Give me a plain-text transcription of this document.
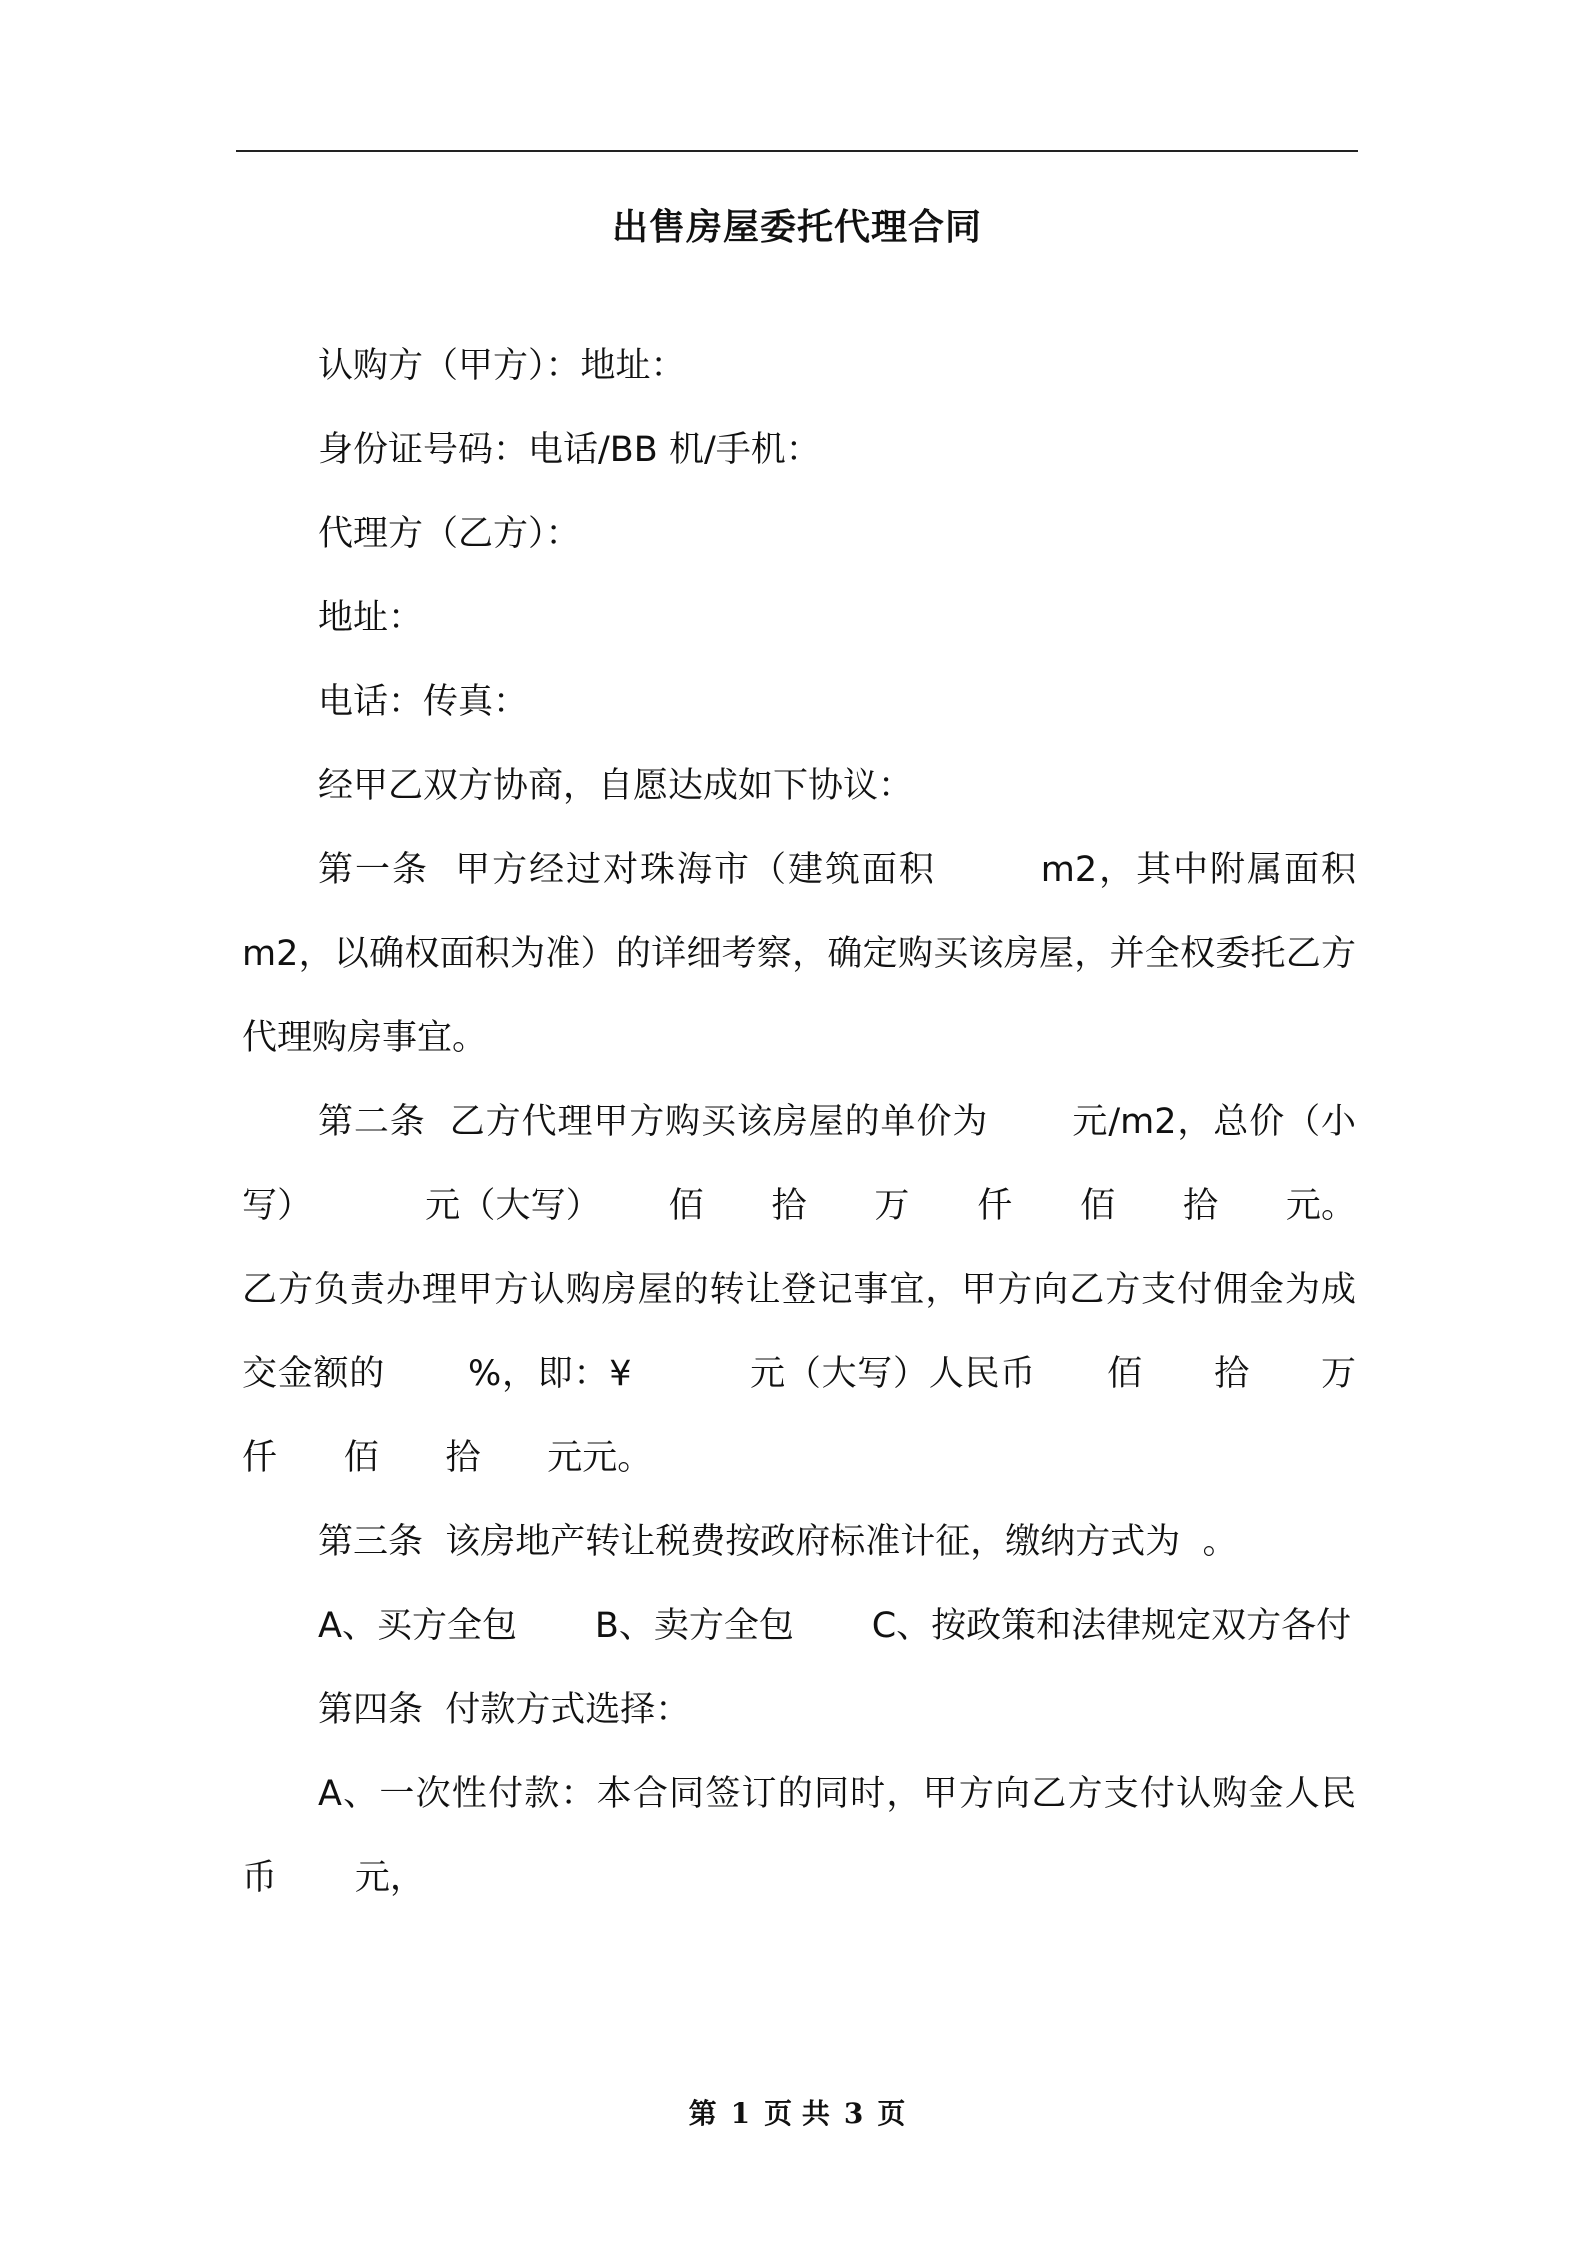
出售房屋委托代理合同

认购方（甲方）：地址：

身份证号码：电话/BB 机/手机：

代理方（乙方）：

地址：

电话：传真：

经甲乙双方协商，自愿达成如下协议：

第一条  甲方经过对珠海市（建筑面积        m2，其中附属面积        m2，以确权面积为准）的详细考察，确定购买该房屋，并全权委托乙方代理购房事宜。

第二条  乙方代理甲方购买该房屋的单价为       元/m2，总价（小写）          元（大写）      佰      拾      万      仟      佰      拾      元。乙方负责办理甲方认购房屋的转让登记事宜，甲方向乙方支付佣金为成交金额的       %，即：¥          元（大写）人民币      佰      拾      万      仟      佰      拾      元元。

第三条  该房地产转让税费按政府标准计征，缴纳方式为  。

A、买方全包       B、卖方全包       C、按政策和法律规定双方各付

第四条  付款方式选择：

A、一次性付款：本合同签订的同时，甲方向乙方支付认购金人民币       元，

第 1 页 共 3 页
